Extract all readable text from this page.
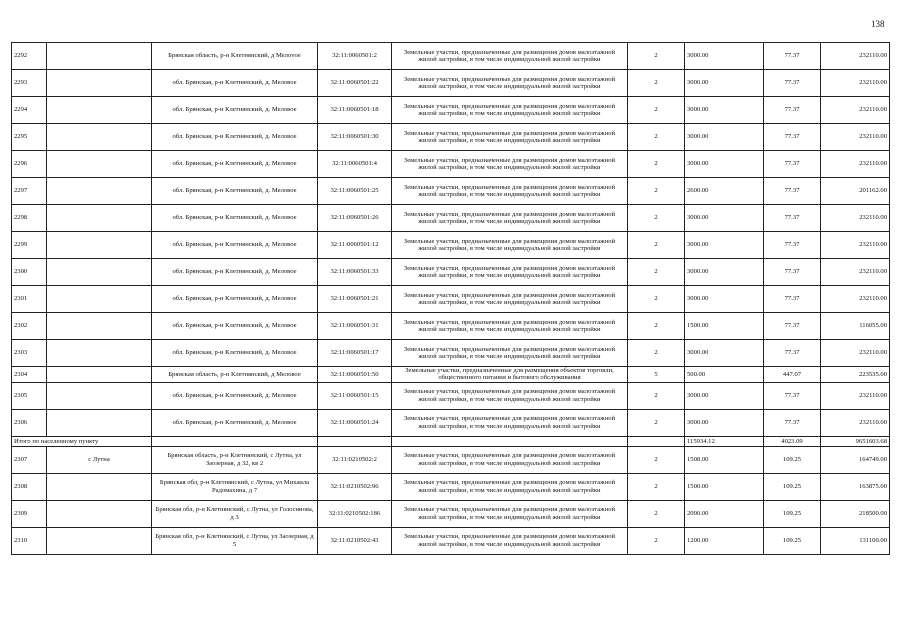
138
2292		Брянская область, р-н Клетнянский, д Мелovое	32:11:0060501:2	Земельные участки, предназначенные для размещения домов малоэтажной жилой застройки, в том числе индивидуальной жилой застройки	2	3000.00	77.37	232110.00
2293		обл. Брянская, р-н Клетнянский, д. Меловое	32:11:0060501:22	Земельные участки, предназначенные для размещения домов малоэтажной жилой застройки, в том числе индивидуальной жилой застройки	2	3000.00	77.37	232110.00
2294		обл. Брянская, р-н Клетнянский, д. Меловое	32:11:0060501:18	Земельные участки, предназначенные для размещения домов малоэтажной жилой застройки, в том числе индивидуальной жилой застройки	2	3000.00	77.37	232110.00
2295		обл. Брянская, р-н Клетнянский, д. Меловое	32:11:0060501:30	Земельные участки, предназначенные для размещения домов малоэтажной жилой застройки, в том числе индивидуальной жилой застройки	2	3000.00	77.37	232110.00
2296		обл. Брянская, р-н Клетнянский, д. Меловое	32:11:0060501:4	Земельные участки, предназначенные для размещения домов малоэтажной жилой застройки, в том числе индивидуальной жилой застройки	2	3000.00	77.37	232110.00
2297		обл. Брянская, р-н Клетнянский, д. Меловое	32:11:0060501:25	Земельные участки, предназначенные для размещения домов малоэтажной жилой застройки, в том числе индивидуальной жилой застройки	2	2600.00	77.37	201162.00
2298		обл. Брянская, р-н Клетнянский, д. Меловое	32:11:0060501:26	Земельные участки, предназначенные для размещения домов малоэтажной жилой застройки, в том числе индивидуальной жилой застройки	2	3000.00	77.37	232110.00
2299		обл. Брянская, р-н Клетнянский, д. Меловое	32:11:0060501:12	Земельные участки, предназначенные для размещения домов малоэтажной жилой застройки, в том числе индивидуальной жилой застройки	2	3000.00	77.37	232110.00
2300		обл. Брянская, р-н Клетнянский, д. Меловое	32:11:0060501:33	Земельные участки, предназначенные для размещения домов малоэтажной жилой застройки, в том числе индивидуальной жилой застройки	2	3000.00	77.37	232110.00
2301		обл. Брянская, р-н Клетнянский, д. Меловое	32:11:0060501:21	Земельные участки, предназначенные для размещения домов малоэтажной жилой застройки, в том числе индивидуальной жилой застройки	2	3000.00	77.37	232110.00
2302		обл. Брянская, р-н Клетнянский, д. Меловое	32:11:0060501:31	Земельные участки, предназначенные для размещения домов малоэтажной жилой застройки, в том числе индивидуальной жилой застройки	2	1500.00	77.37	116055.00
2303		обл. Брянская, р-н Клетнянский, д. Меловое	32:11:0060501:17	Земельные участки, предназначенные для размещения домов малоэтажной жилой застройки, в том числе индивидуальной жилой застройки	2	3000.00	77.37	232110.00
2304		Брянская область, р-н Клетнянский, д Меловое	32:11:0060501:50	Земельные участки, предназначенные для размещения объектов торговли, общественного питания и бытового обслуживания	5	500.00	447.07	223535.00
2305		обл. Брянская, р-н Клетнянский, д. Меловое	32:11:0060501:15	Земельные участки, предназначенные для размещения домов малоэтажной жилой застройки, в том числе индивидуальной жилой застройки	2	3000.00	77.37	232110.00
2306		обл. Брянская, р-н Клетнянский, д. Меловое	32:11:0060501:24	Земельные участки, предназначенные для размещения домов малоэтажной жилой застройки, в том числе индивидуальной жилой застройки	2	3000.00	77.37	232110.00
Итого по населенному пункту						115934.12	4023.09	9651603.68
2307	с Лутна	Брянская область, р-н Клетнянский, с Лутна, ул Заозерная, д 32, кв 2	32:11:0210502:2	Земельные участки, предназначенные для размещения домов малоэтажной жилой застройки, в том числе индивидуальной жилой застройки	2	1508.00	109.25	164749.00
2308		Брянская обл, р-н Клетнянский, с Лутна, ул Михаила Радомахина, д 7	32:11:0210502:96	Земельные участки, предназначенные для размещения домов малоэтажной жилой застройки, в том числе индивидуальной жилой застройки	2	1500.00	109.25	163875.00
2309		Брянская обл, р-н Клетнянский, с Лутна, ул Голосниова, д 3	32:11:0210502:186	Земельные участки, предназначенные для размещения домов малоэтажной жилой застройки, в том числе индивидуальной жилой застройки	2	2000.00	109.25	218500.00
2310		Брянская обл, р-н Клетнянский, с Лутна, ул Заозерная, д 5	32:11:0210502:43	Земельные участки, предназначенные для размещения домов малоэтажной жилой застройки, в том числе индивидуальной жилой застройки	2	1200.00	109.25	131100.00
